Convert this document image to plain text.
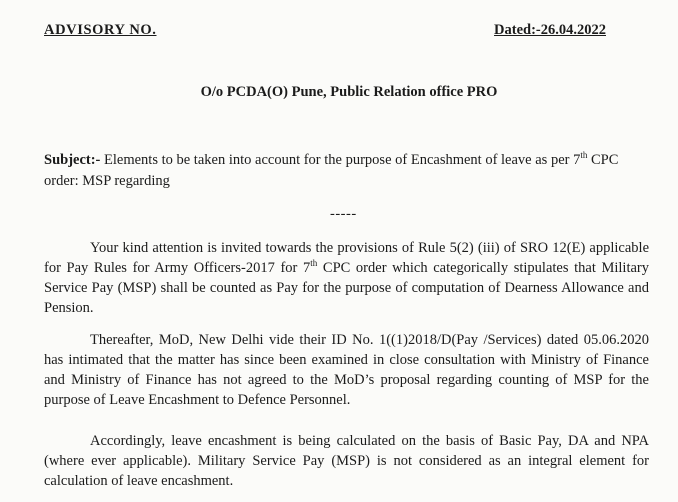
ADVISORY NO.	Dated:-26.04.2022
O/o PCDA(O) Pune, Public Relation office PRO
Subject:- Elements to be taken into account for the purpose of Encashment of leave as per 7th CPC order: MSP regarding
-----
Your kind attention is invited towards the provisions of Rule 5(2) (iii) of SRO 12(E) applicable for Pay Rules for Army Officers-2017 for 7th CPC order which categorically stipulates that Military Service Pay (MSP) shall be counted as Pay for the purpose of computation of Dearness Allowance and Pension.
Thereafter, MoD, New Delhi vide their ID No. 1((1)2018/D(Pay /Services) dated 05.06.2020 has intimated that the matter has since been examined in close consultation with Ministry of Finance and Ministry of Finance has not agreed to the MoD’s proposal regarding counting of MSP for the purpose of Leave Encashment to Defence Personnel.
Accordingly, leave encashment is being calculated on the basis of Basic Pay, DA and NPA (where ever applicable). Military Service Pay (MSP) is not considered as an integral element for calculation of leave encashment.
